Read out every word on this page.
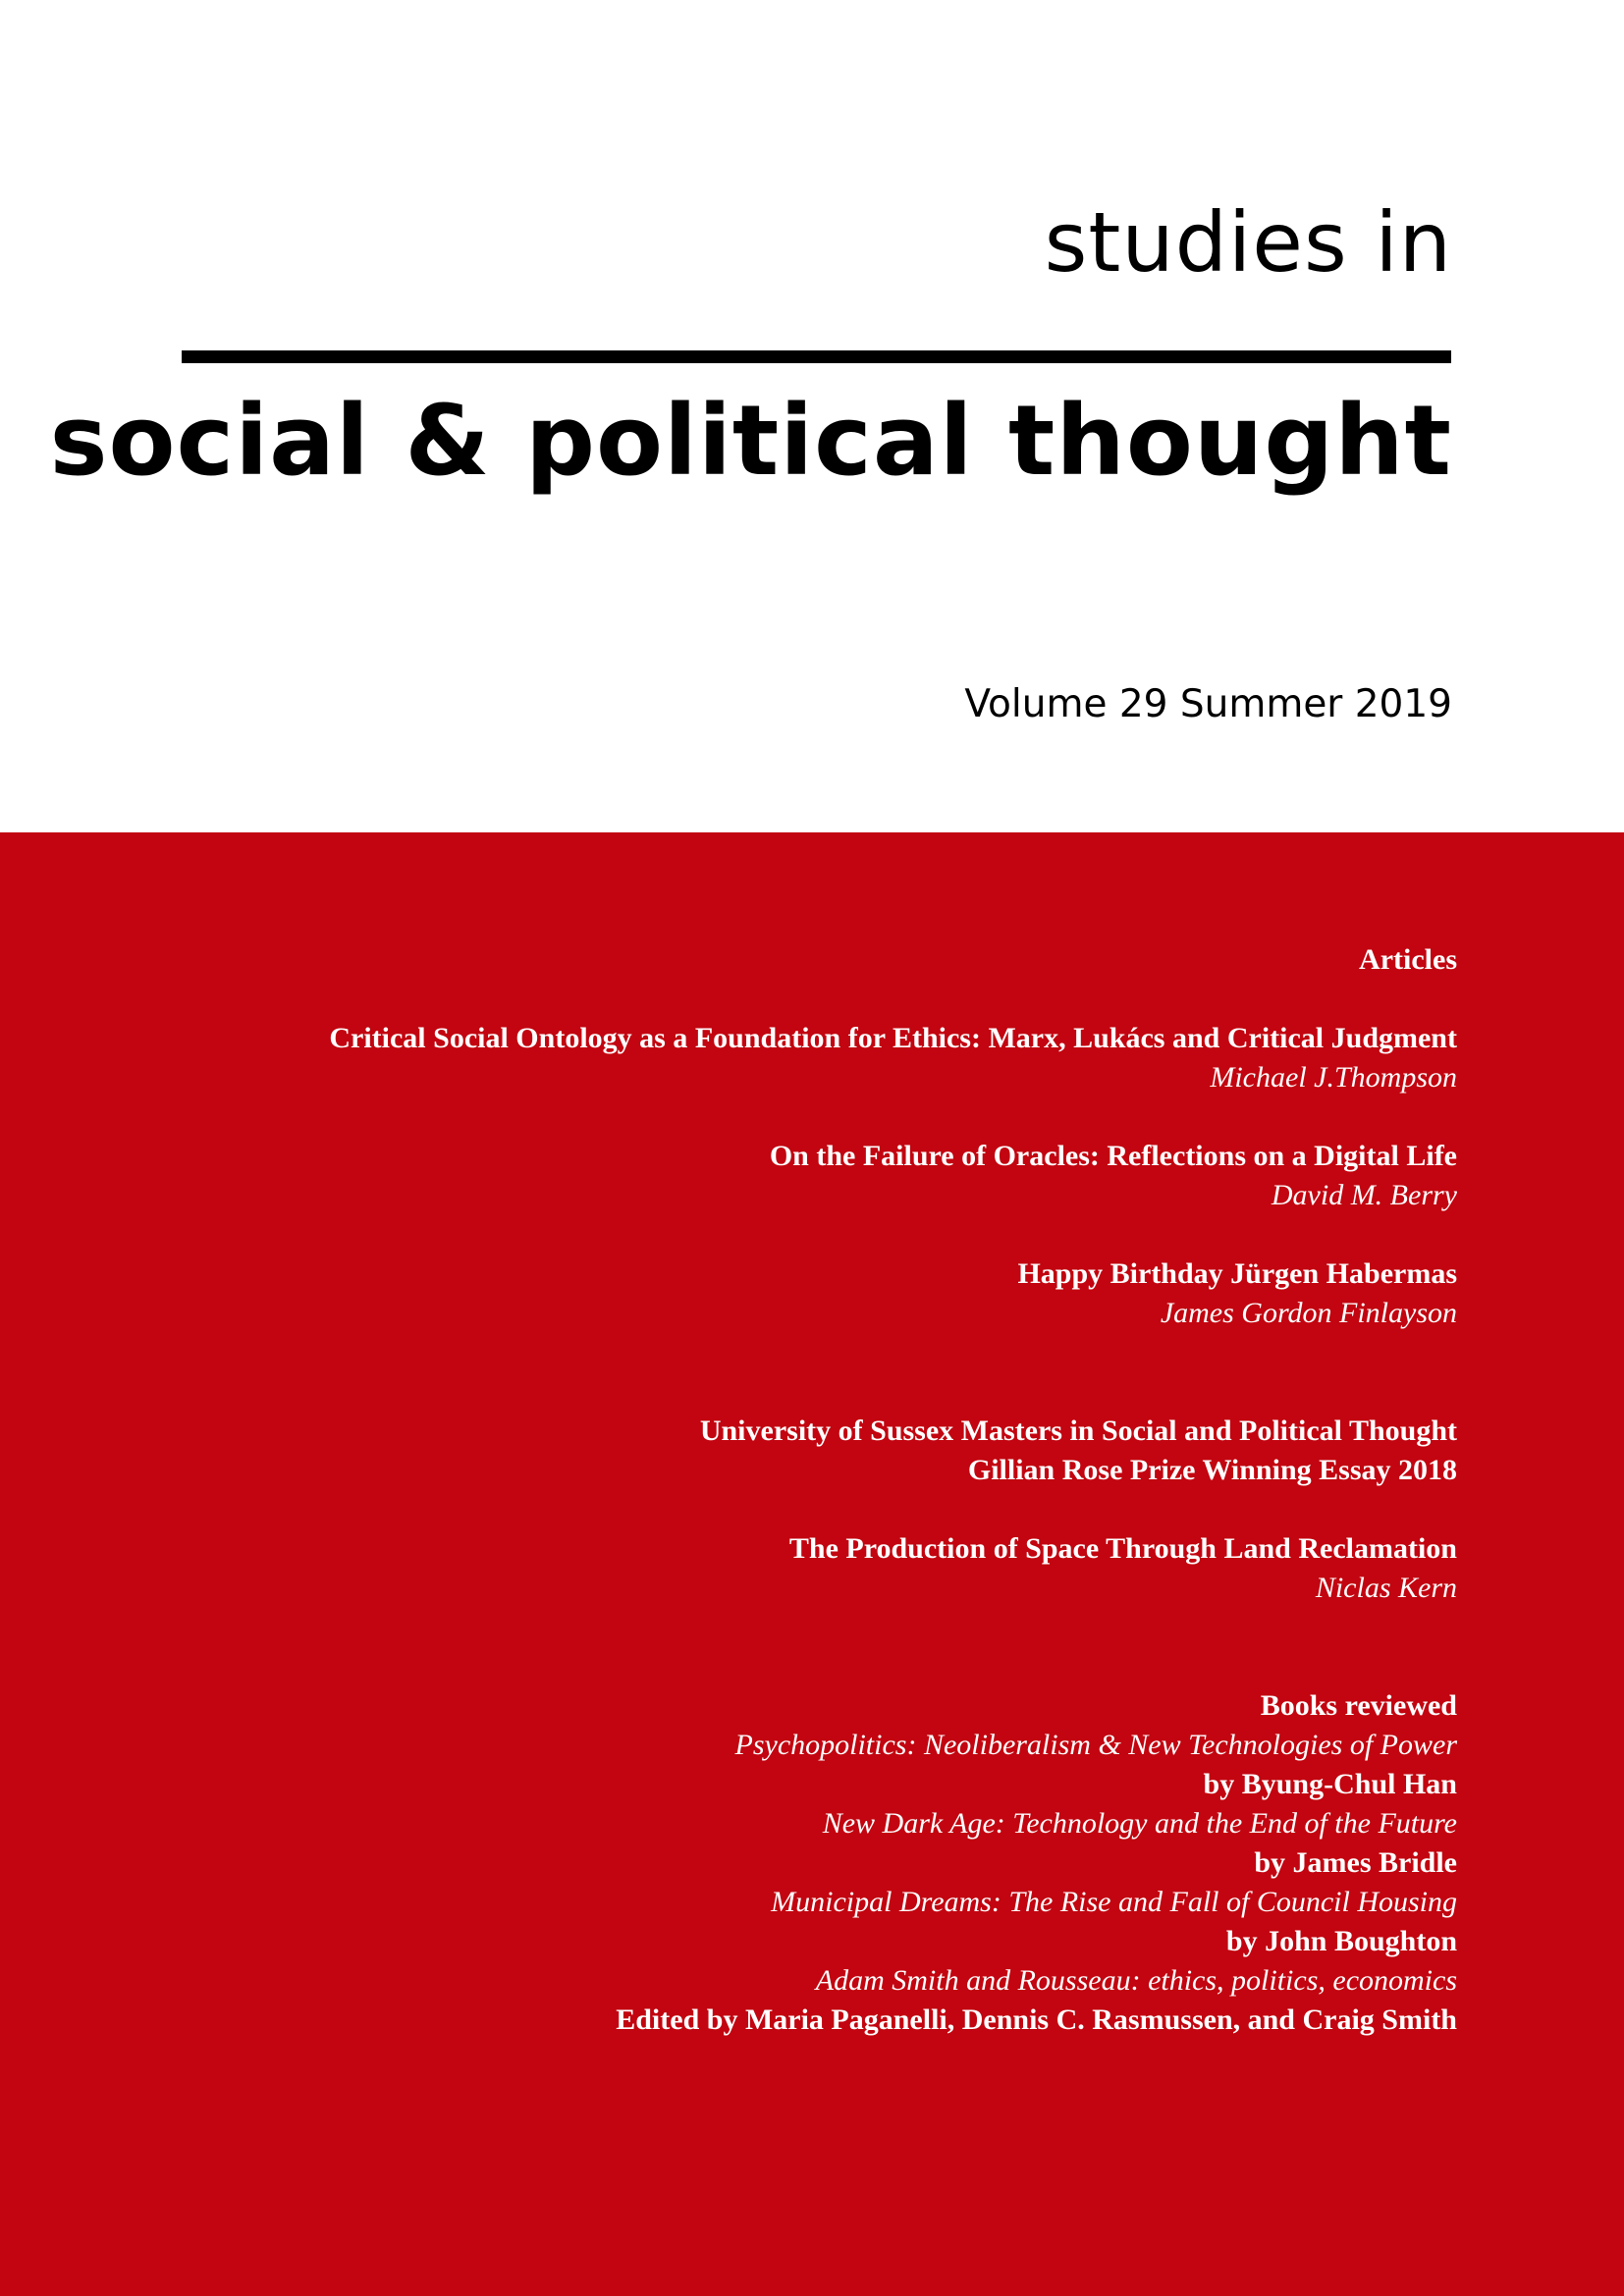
studies in
social & political thought
Volume 29 Summer 2019
Articles
Critical Social Ontology as a Foundation for Ethics: Marx, Lukács and Critical Judgment
Michael J.Thompson
On the Failure of Oracles: Reflections on a Digital Life
David M. Berry
Happy Birthday Jürgen Habermas
James Gordon Finlayson
University of Sussex Masters in Social and Political Thought
Gillian Rose Prize Winning Essay 2018
The Production of Space Through Land Reclamation
Niclas Kern
Books reviewed
Psychopolitics: Neoliberalism & New Technologies of Power
by Byung-Chul Han
New Dark Age: Technology and the End of the Future
by James Bridle
Municipal Dreams: The Rise and Fall of Council Housing
by John Boughton
Adam Smith and Rousseau: ethics, politics, economics
Edited by Maria Paganelli, Dennis C. Rasmussen, and Craig Smith
